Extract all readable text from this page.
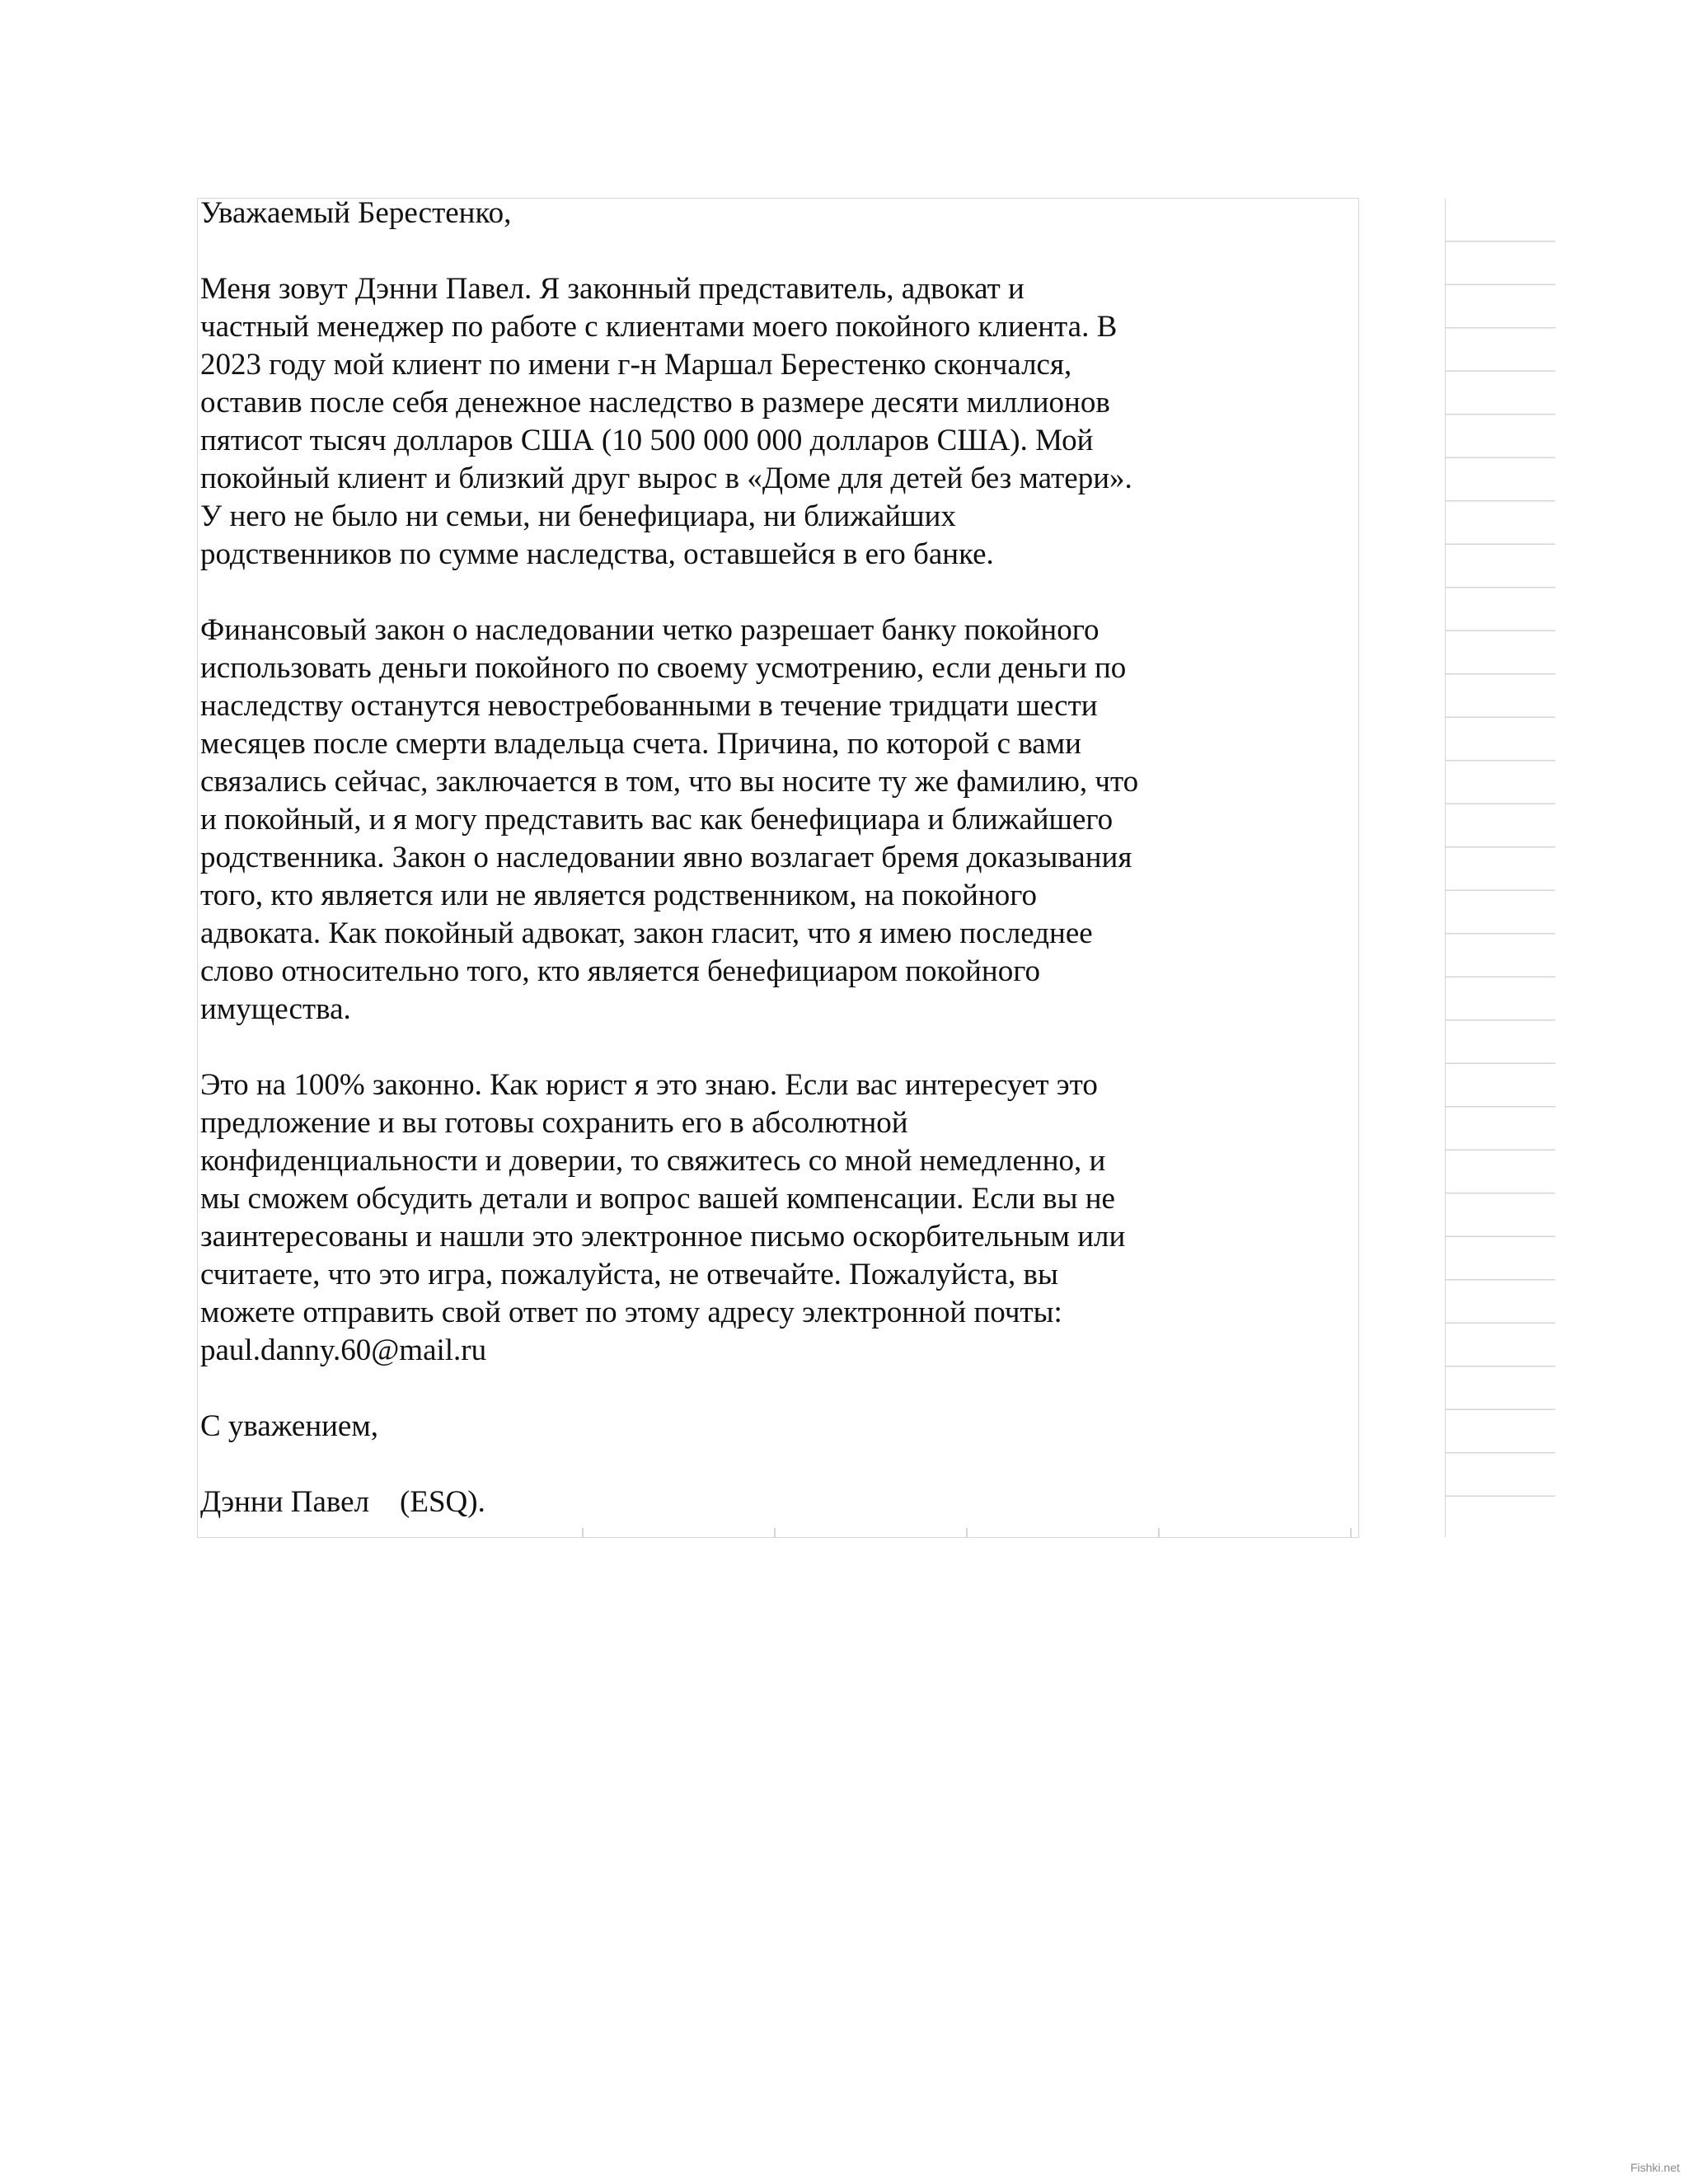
Уважаемый Берестенко,
Меня зовут Дэнни Павел. Я законный представитель, адвокат и
частный менеджер по работе с клиентами моего покойного клиента. В
2023 году мой клиент по имени г-н Маршал Берестенко скончался,
оставив после себя денежное наследство в размере десяти миллионов
пятисот тысяч долларов США (10 500 000 000 долларов США). Мой
покойный клиент и близкий друг вырос в «Доме для детей без матери».
У него не было ни семьи, ни бенефициара, ни ближайших
родственников по сумме наследства, оставшейся в его банке.
Финансовый закон о наследовании четко разрешает банку покойного
использовать деньги покойного по своему усмотрению, если деньги по
наследству останутся невостребованными в течение тридцати шести
месяцев после смерти владельца счета. Причина, по которой с вами
связались сейчас, заключается в том, что вы носите ту же фамилию, что
и покойный, и я могу представить вас как бенефициара и ближайшего
родственника. Закон о наследовании явно возлагает бремя доказывания
того, кто является или не является родственником, на покойного
адвоката. Как покойный адвокат, закон гласит, что я имею последнее
слово относительно того, кто является бенефициаром покойного
имущества.
Это на 100% законно. Как юрист я это знаю. Если вас интересует это
предложение и вы готовы сохранить его в абсолютной
конфиденциальности и доверии, то свяжитесь со мной немедленно, и
мы сможем обсудить детали и вопрос вашей компенсации. Если вы не
заинтересованы и нашли это электронное письмо оскорбительным или
считаете, что это игра, пожалуйста, не отвечайте. Пожалуйста, вы
можете отправить свой ответ по этому адресу электронной почты:
paul.danny.60@mail.ru
С уважением,
Дэнни Павел    (ESQ).
Fishki.net
